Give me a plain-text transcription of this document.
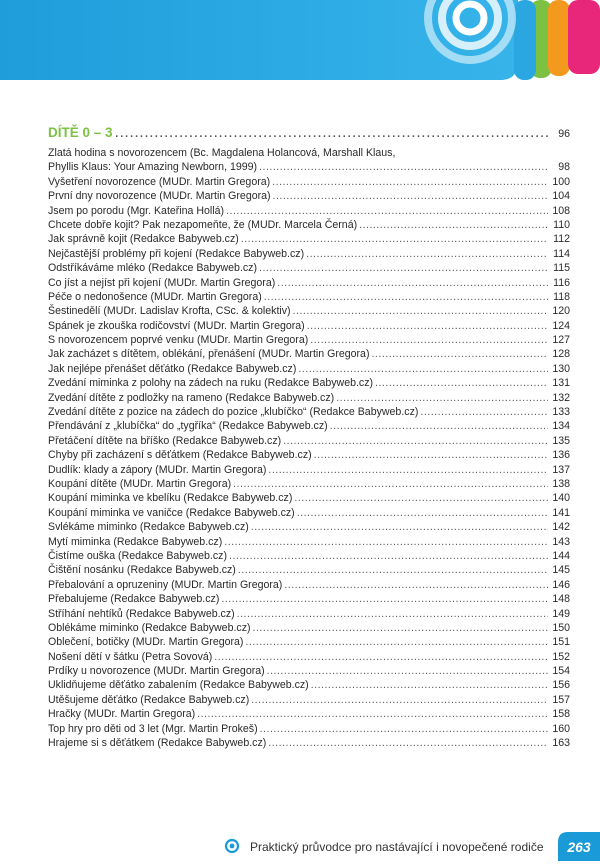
DÍTĚ 0 – 3 .....	96
Zlatá hodina s novorozencem (Bc. Magdalena Holancová, Marshall Klaus,
Phyllis Klaus: Your Amazing Newborn, 1999) .....	98
Vyšetření novorozence (MUDr. Martin Gregora) .....	100
První dny novorozence (MUDr. Martin Gregora) .....	104
Jsem po porodu (Mgr. Kateřina Hollá) .....	108
Chcete dobře kojit? Pak nezapomeňte, že (MUDr. Marcela Černá) .....	110
Jak správně kojit (Redakce Babyweb.cz) .....	112
Nejčastější problémy při kojení (Redakce Babyweb.cz) .....	114
Odstříkáváme mléko (Redakce Babyweb.cz) .....	115
Co jíst a nejíst při kojení (MUDr. Martin Gregora) .....	116
Péče o nedonošence (MUDr. Martin Gregora) .....	118
Šestinedělí (MUDr. Ladislav Krofta, CSc. & kolektiv) .....	120
Spánek je zkouška rodičovství (MUDr. Martin Gregora) .....	124
S novorozencem poprvé venku (MUDr. Martin Gregora) .....	127
Jak zacházet s dítětem, oblékání, přenášení (MUDr. Martin Gregora) .....	128
Jak nejlépe přenášet děťátko (Redakce Babyweb.cz) .....	130
Zvedání miminka z polohy na zádech na ruku (Redakce Babyweb.cz) .....	131
Zvedání dítěte z podložky na rameno (Redakce Babyweb.cz) .....	132
Zvedání dítěte z pozice na zádech do pozice „klubíčko“ (Redakce Babyweb.cz) .....	133
Přendávání z „klubíčka“ do „tygříka“ (Redakce Babyweb.cz) .....	134
Přetáčení dítěte na bříško (Redakce Babyweb.cz) .....	135
Chyby při zacházení s děťátkem (Redakce Babyweb.cz) .....	136
Dudlík: klady a zápory (MUDr. Martin Gregora) .....	137
Koupání dítěte (MUDr. Martin Gregora) .....	138
Koupání miminka ve kbelíku (Redakce Babyweb.cz) .....	140
Koupání miminka ve vaničce (Redakce Babyweb.cz) .....	141
Svlékáme miminko (Redakce Babyweb.cz) .....	142
Mytí miminka (Redakce Babyweb.cz) .....	143
Čistíme ouška (Redakce Babyweb.cz) .....	144
Čištění nosánku (Redakce Babyweb.cz) .....	145
Přebalování a opruzeniny (MUDr. Martin Gregora) .....	146
Přebalujeme (Redakce Babyweb.cz) .....	148
Stříhání nehtíků (Redakce Babyweb.cz) .....	149
Oblékáme miminko (Redakce Babyweb.cz) .....	150
Oblečení, botičky (MUDr. Martin Gregora) .....	151
Nošení dětí v šátku (Petra Sovová) .....	152
Prdíky u novorozence (MUDr. Martin Gregora) .....	154
Uklidňujeme děťátko zabalením (Redakce Babyweb.cz) .....	156
Utěšujeme děťátko (Redakce Babyweb.cz) .....	157
Hračky (MUDr. Martin Gregora) .....	158
Top hry pro děti od 3 let (Mgr. Martin Prokeš) .....	160
Hrajeme si s děťátkem (Redakce Babyweb.cz) .....	163
Praktický průvodce pro nastávající i novopečené rodiče	263
